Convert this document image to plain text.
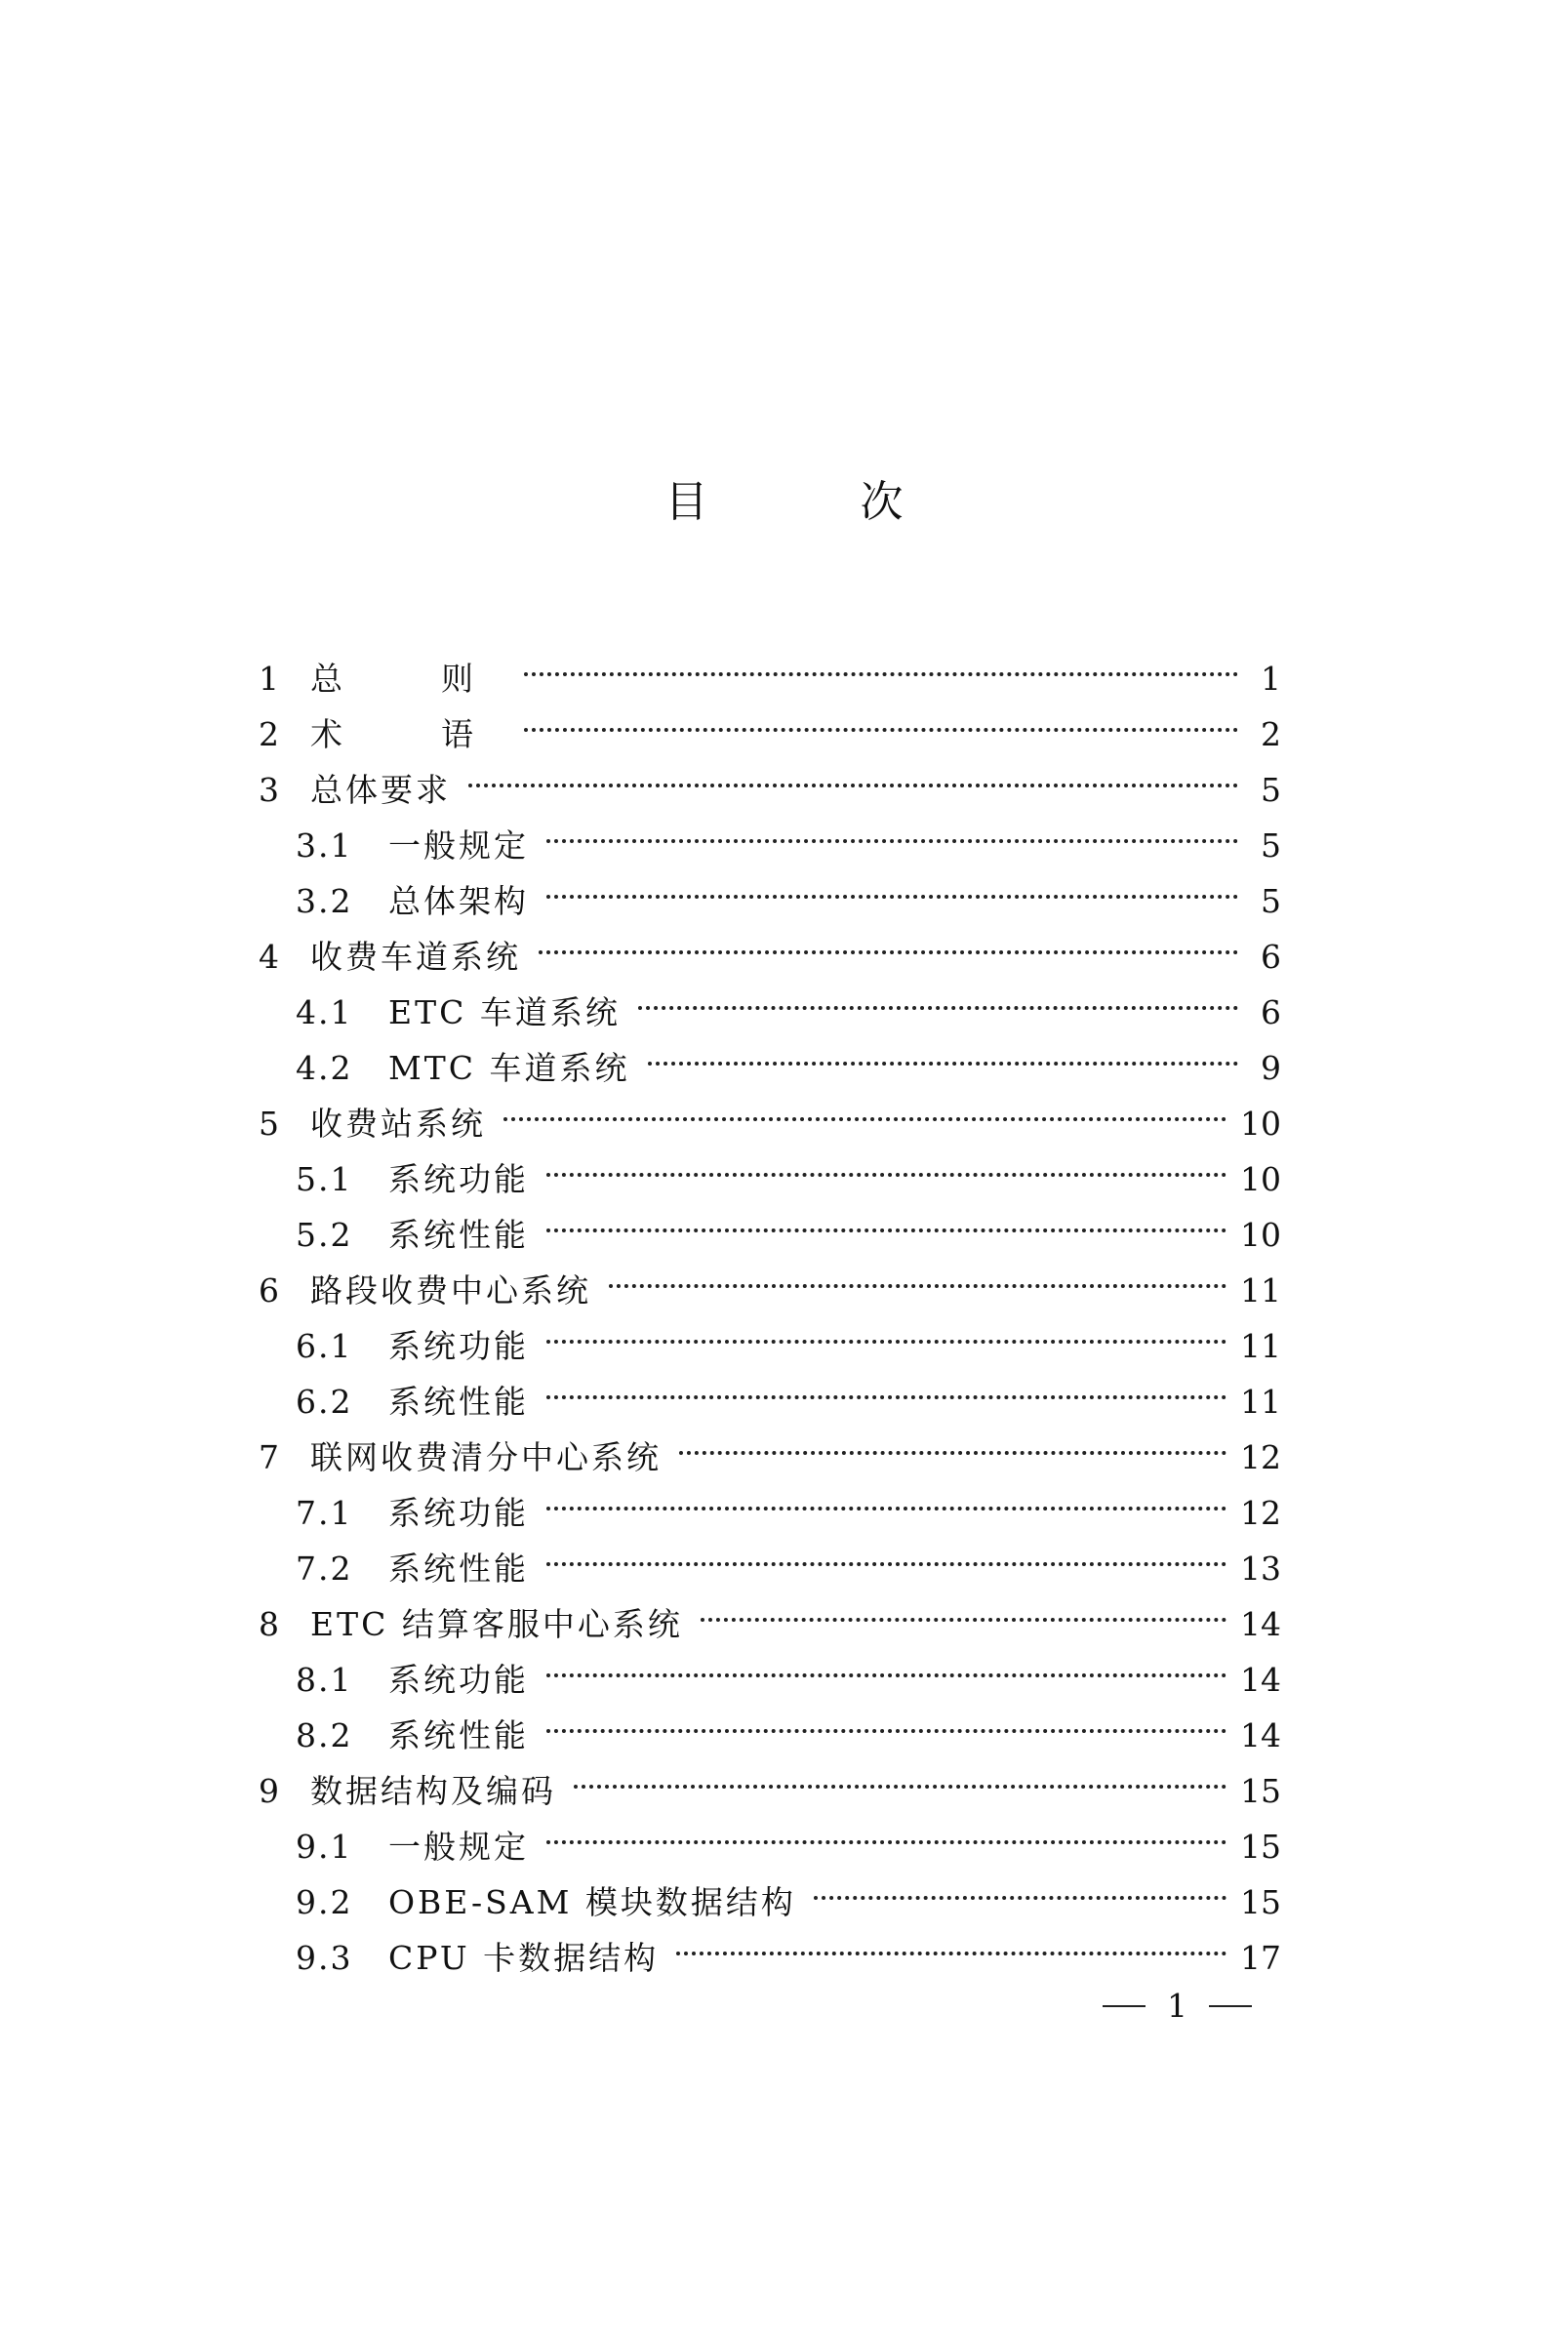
目　次
1 总　则	1
2 术　语	2
3 总体要求	5
3.1	一般规定	5
3.2	总体架构	5
4 收费车道系统	6
4.1	ETC 车道系统	6
4.2	MTC 车道系统	9
5 收费站系统	10
5.1	系统功能	10
5.2	系统性能	10
6 路段收费中心系统	11
6.1	系统功能	11
6.2	系统性能	11
7 联网收费清分中心系统	12
7.1	系统功能	12
7.2	系统性能	13
8 ETC 结算客服中心系统	14
8.1	系统功能	14
8.2	系统性能	14
9 数据结构及编码	15
9.1	一般规定	15
9.2	OBE-SAM 模块数据结构	15
9.3	CPU 卡数据结构	17
1
